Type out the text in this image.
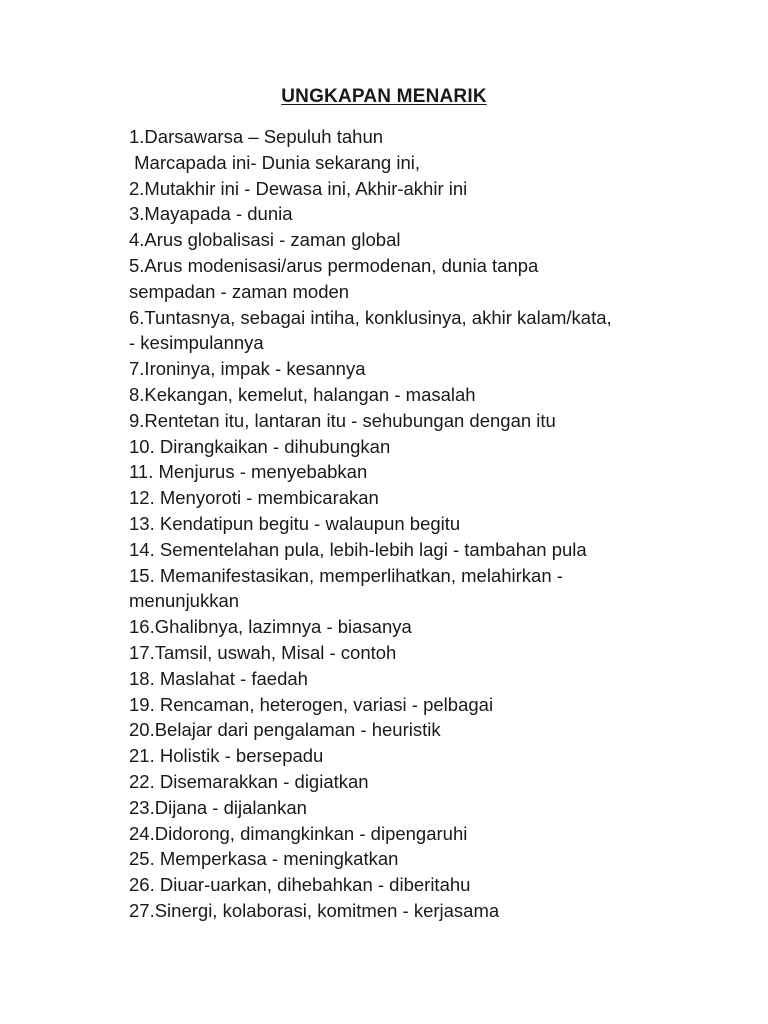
UNGKAPAN MENARIK
1.Darsawarsa – Sepuluh tahun
Marcapada ini- Dunia sekarang ini,
2.Mutakhir ini - Dewasa ini, Akhir-akhir ini
3.Mayapada - dunia
4.Arus globalisasi - zaman global
5.Arus modenisasi/arus permodenan, dunia tanpa
sempadan - zaman moden
6.Tuntasnya, sebagai intiha, konklusinya, akhir kalam/kata,
- kesimpulannya
7.Ironinya, impak - kesannya
8.Kekangan, kemelut, halangan - masalah
9.Rentetan itu, lantaran itu - sehubungan dengan itu
10. Dirangkaikan - dihubungkan
11. Menjurus - menyebabkan
12. Menyoroti - membicarakan
13. Kendatipun begitu - walaupun begitu
14. Sementelahan pula, lebih-lebih lagi - tambahan pula
15. Memanifestasikan, memperlihatkan, melahirkan -
menunjukkan
16.Ghalibnya, lazimnya - biasanya
17.Tamsil, uswah, Misal - contoh
18. Maslahat - faedah
19. Rencaman, heterogen, variasi - pelbagai
20.Belajar dari pengalaman - heuristik
21. Holistik - bersepadu
22. Disemarakkan - digiatkan
23.Dijana - dijalankan
24.Didorong, dimangkinkan - dipengaruhi
25. Memperkasa - meningkatkan
26. Diuar-uarkan, dihebahkan - diberitahu
27.Sinergi, kolaborasi, komitmen - kerjasama
